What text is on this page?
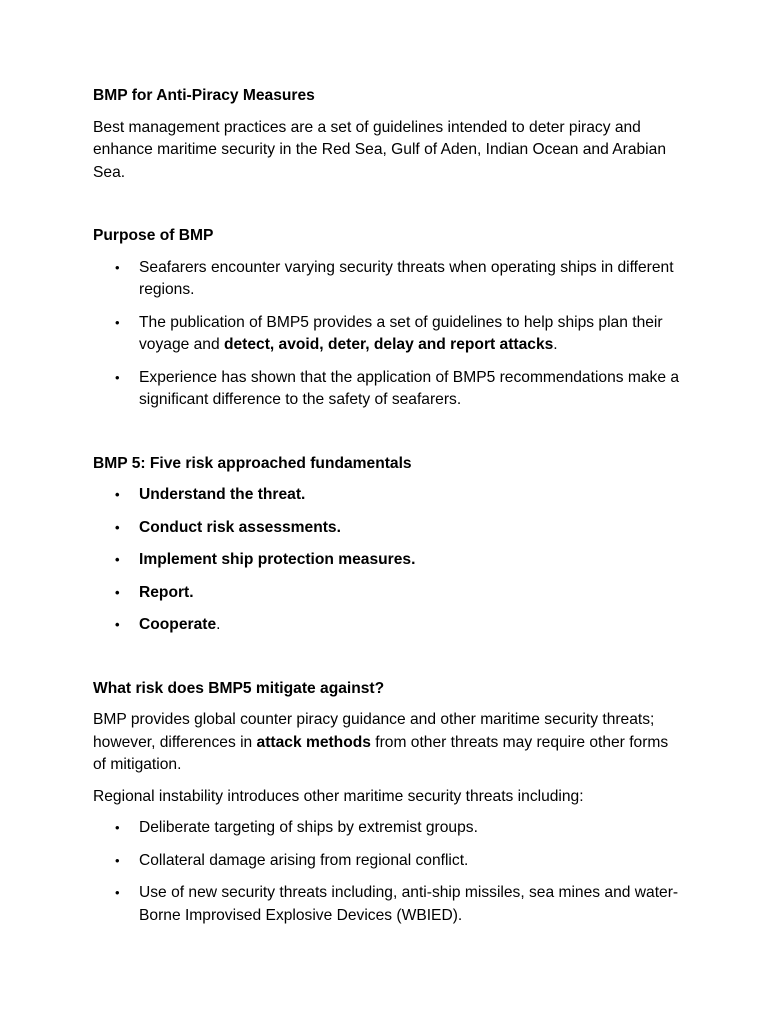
BMP for Anti-Piracy Measures

Best management practices are a set of guidelines intended to deter piracy and enhance maritime security in the Red Sea, Gulf of Aden, Indian Ocean and Arabian Sea.

Purpose of BMP
• Seafarers encounter varying security threats when operating ships in different regions.
• The publication of BMP5 provides a set of guidelines to help ships plan their voyage and detect, avoid, deter, delay and report attacks.
• Experience has shown that the application of BMP5 recommendations make a significant difference to the safety of seafarers.
BMP 5: Five risk approached fundamentals
• Understand the threat.
• Conduct risk assessments.
• Implement ship protection measures.
• Report.
• Cooperate.
What risk does BMP5 mitigate against?

BMP provides global counter piracy guidance and other maritime security threats; however, differences in attack methods from other threats may require other forms of mitigation.

Regional instability introduces other maritime security threats including:

• Deliberate targeting of ships by extremist groups.
• Collateral damage arising from regional conflict.
• Use of new security threats including, anti-ship missiles, sea mines and water-Borne Improvised Explosive Devices (WBIED).
